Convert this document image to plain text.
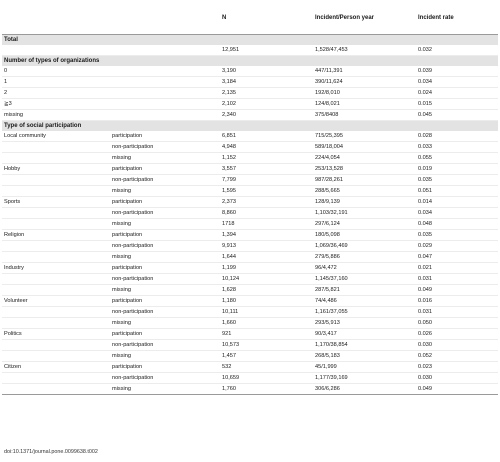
		N	Incident/Person year	Incident rate
Total				
		12,951	1,528/47,453	0.032
Number of types of organizations				
0		3,190	447/11,391	0.039
1		3,184	390/11,624	0.034
2		2,135	192/8,010	0.024
≧3		2,102	124/8,021	0.015
missing		2,340	375/8408	0.045
Type of social participation				
Local community	participation	6,851	715/25,395	0.028
	non-participation	4,948	589/18,004	0.033
	missing	1,152	224/4,054	0.055
Hobby	participation	3,557	253/13,528	0.019
	non-participation	7,799	987/28,261	0.035
	missing	1,595	288/5,665	0.051
Sports	participation	2,373	128/9,139	0.014
	non-participation	8,860	1,103/32,191	0.034
	missing	1718	297/6,124	0.048
Religion	participation	1,394	180/5,098	0.035
	non-participation	9,913	1,069/36,469	0.029
	missing	1,644	279/5,886	0.047
Industry	participation	1,199	96/4,472	0.021
	non-participation	10,124	1,145/37,160	0.031
	missing	1,628	287/5,821	0.049
Volunteer	participation	1,180	74/4,486	0.016
	non-participation	10,111	1,161/37,055	0.031
	missing	1,660	293/5,913	0.050
Politics	participation	921	90/3,417	0.026
	non-participation	10,573	1,170/38,854	0.030
	missing	1,457	268/5,183	0.052
Citizen	participation	532	45/1,999	0.023
	non-participation	10,659	1,177/39,169	0.030
	missing	1,760	306/6,286	0.049
doi:10.1371/journal.pone.0099638.t002
